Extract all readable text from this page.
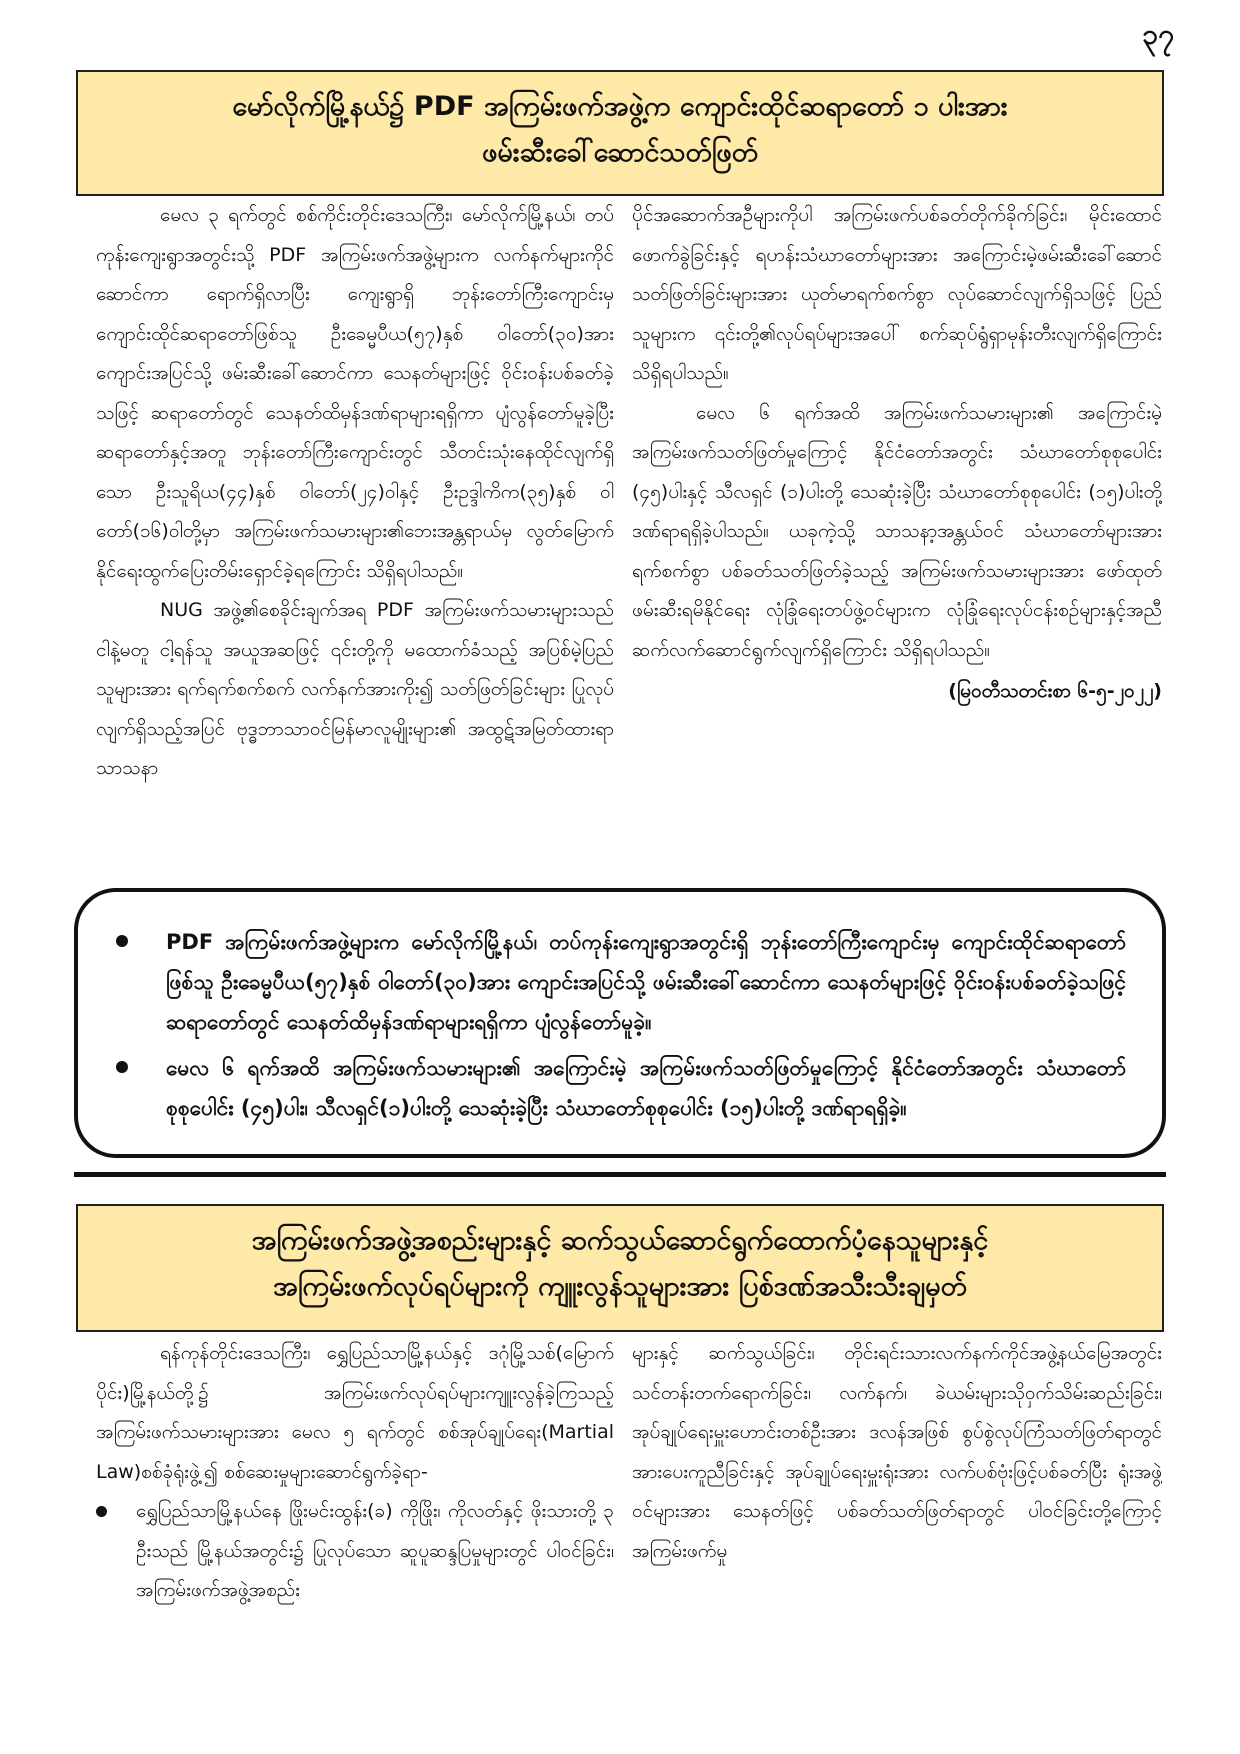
၃၇
မော်လိုက်မြို့နယ်၌ PDF အကြမ်းဖက်အဖွဲ့က ကျောင်းထိုင်ဆရာတော် ၁ ပါးအား
ဖမ်းဆီးခေါ်ဆောင်သတ်ဖြတ်

မေလ ၃ ရက်တွင် စစ်ကိုင်းတိုင်းဒေသကြီး၊ မော်လိုက်မြို့နယ်၊ တပ်ကုန်းကျေးရွာအတွင်းသို့ PDF အကြမ်းဖက်အဖွဲ့များက လက်နက်များကိုင်ဆောင်ကာ ရောက်ရှိလာပြီး ကျေးရွာရှိ ဘုန်းတော်ကြီးကျောင်းမှ ကျောင်းထိုင်ဆရာတော်ဖြစ်သူ ဦးခေမ္မပီယ(၅၇)နှစ် ဝါတော်(၃၀)အား ကျောင်းအပြင်သို့ ဖမ်းဆီးခေါ်ဆောင်ကာ သေနတ်များဖြင့် ဝိုင်းဝန်းပစ်ခတ်ခဲ့သဖြင့် ဆရာတော်တွင် သေနတ်ထိမှန်ဒဏ်ရာများရရှိကာ ပျံလွန်တော်မူခဲ့ပြီး ဆရာတော်နှင့်အတူ ဘုန်းတော်ကြီးကျောင်းတွင် သီတင်းသုံးနေထိုင်လျက်ရှိသော ဦးသူရိယ(၄၄)နှစ် ဝါတော်(၂၄)ဝါနှင့် ဦးဥဒ္ဒါကိက(၃၅)နှစ် ဝါတော်(၁၆)ဝါတို့မှာ အကြမ်းဖက်သမားများ၏ဘေးအန္တရာယ်မှ လွတ်မြောက်နိုင်ရေးထွက်ပြေးတိမ်းရှောင်ခဲ့ရကြောင်း သိရှိရပါသည်။

NUG အဖွဲ့၏စေခိုင်းချက်အရ PDF အကြမ်းဖက်သမားများသည် ငါနဲ့မတူ ငါ့ရန်သူ အယူအဆဖြင့် ၎င်းတို့ကို မထောက်ခံသည့် အပြစ်မဲ့ပြည်သူများအား ရက်ရက်စက်စက် လက်နက်အားကိုး၍ သတ်ဖြတ်ခြင်းများ ပြုလုပ်လျက်ရှိသည့်အပြင် ဗုဒ္ဓဘာသာဝင်မြန်မာလူမျိုးများ၏ အထွဋ်အမြတ်ထားရာ သာသနာ

ပိုင်အဆောက်အဦများကိုပါ အကြမ်းဖက်ပစ်ခတ်တိုက်ခိုက်ခြင်း၊ မိုင်းထောင်ဖောက်ခွဲခြင်းနှင့် ရဟန်းသံဃာတော်များအား အကြောင်းမဲ့ဖမ်းဆီးခေါ်ဆောင်သတ်ဖြတ်ခြင်းများအား ယုတ်မာရက်စက်စွာ လုပ်ဆောင်လျက်ရှိသဖြင့် ပြည်သူများက ၎င်းတို့၏လုပ်ရပ်များအပေါ် စက်ဆုပ်ရွံရှာမုန်းတီးလျက်ရှိကြောင်း သိရှိရပါသည်။

မေလ ၆ ရက်အထိ အကြမ်းဖက်သမားများ၏ အကြောင်းမဲ့အကြမ်းဖက်သတ်ဖြတ်မှုကြောင့် နိုင်ငံတော်အတွင်း သံဃာတော်စုစုပေါင်း (၄၅)ပါးနှင့် သီလရှင် (၁)ပါးတို့ သေဆုံးခဲ့ပြီး သံဃာတော်စုစုပေါင်း (၁၅)ပါးတို့ ဒဏ်ရာရရှိခဲ့ပါသည်။ ယခုကဲ့သို့ သာသနာ့အန္တယ်ဝင် သံဃာတော်များအား ရက်စက်စွာ ပစ်ခတ်သတ်ဖြတ်ခဲ့သည့် အကြမ်းဖက်သမားများအား ဖော်ထုတ်ဖမ်းဆီးရမိနိုင်ရေး လုံခြုံရေးတပ်ဖွဲ့ဝင်များက လုံခြုံရေးလုပ်ငန်းစဉ်များနှင့်အညီ ဆက်လက်ဆောင်ရွက်လျက်ရှိကြောင်း သိရှိရပါသည်။

(မြဝတီသတင်းစာ ၆-၅-၂၀၂၂)
PDF အကြမ်းဖက်အဖွဲ့များက မော်လိုက်မြို့နယ်၊ တပ်ကုန်းကျေးရွာအတွင်းရှိ ဘုန်းတော်ကြီးကျောင်းမှ ကျောင်းထိုင်ဆရာတော်ဖြစ်သူ ဦးခေမ္မပီယ(၅၇)နှစ် ဝါတော်(၃၀)အား ကျောင်းအပြင်သို့ ဖမ်းဆီးခေါ်ဆောင်ကာ သေနတ်များဖြင့် ဝိုင်းဝန်းပစ်ခတ်ခဲ့သဖြင့် ဆရာတော်တွင် သေနတ်ထိမှန်ဒဏ်ရာများရရှိကာ ပျံလွန်တော်မူခဲ့။
မေလ ၆ ရက်အထိ အကြမ်းဖက်သမားများ၏ အကြောင်းမဲ့ အကြမ်းဖက်သတ်ဖြတ်မှုကြောင့် နိုင်ငံတော်အတွင်း သံဃာတော်စုစုပေါင်း (၄၅)ပါး၊ သီလရှင်(၁)ပါးတို့ သေဆုံးခဲ့ပြီး သံဃာတော်စုစုပေါင်း (၁၅)ပါးတို့ ဒဏ်ရာရရှိခဲ့။
အကြမ်းဖက်အဖွဲ့အစည်းများနှင့် ဆက်သွယ်ဆောင်ရွက်ထောက်ပံ့နေသူများနှင့်
အကြမ်းဖက်လုပ်ရပ်များကို ကျူးလွန်သူများအား ပြစ်ဒဏ်အသီးသီးချမှတ်

ရန်ကုန်တိုင်းဒေသကြီး၊ ရွှေပြည်သာမြို့နယ်နှင့် ဒဂုံမြို့သစ်(မြောက်ပိုင်း)မြို့နယ်တို့၌ အကြမ်းဖက်လုပ်ရပ်များကျူးလွန်ခဲ့ကြသည့် အကြမ်းဖက်သမားများအား မေလ ၅ ရက်တွင် စစ်အုပ်ချုပ်ရေး(Martial Law)စစ်ခုံရုံးဖွဲ့၍ စစ်ဆေးမှုများဆောင်ရွက်ခဲ့ရာ-

ရွှေပြည်သာမြို့နယ်နေ ဖြိုးမင်းထွန်း(ခ) ကိုဖြိုး၊ ကိုလတ်နှင့် ဖိုးသားတို့ ၃ ဦးသည် မြို့နယ်အတွင်း၌ ပြုလုပ်သော ဆူပူဆန္ဒပြမှုများတွင် ပါဝင်ခြင်း၊ အကြမ်းဖက်အဖွဲ့အစည်း

များနှင့် ဆက်သွယ်ခြင်း၊ တိုင်းရင်းသားလက်နက်ကိုင်အဖွဲ့နယ်မြေအတွင်း သင်တန်းတက်ရောက်ခြင်း၊ လက်နက်၊ ခဲယမ်းများသိုဝှက်သိမ်းဆည်းခြင်း၊ အုပ်ချုပ်ရေးမှူးဟောင်းတစ်ဦးအား ဒလန်အဖြစ် စွပ်စွဲလုပ်ကြံသတ်ဖြတ်ရာတွင် အားပေးကူညီခြင်းနှင့် အုပ်ချုပ်ရေးမှူးရုံးအား လက်ပစ်ဗုံးဖြင့်ပစ်ခတ်ပြီး ရုံးအဖွဲ့ဝင်များအား သေနတ်ဖြင့် ပစ်ခတ်သတ်ဖြတ်ရာတွင် ပါဝင်ခြင်းတို့ကြောင့် အကြမ်းဖက်မှု
